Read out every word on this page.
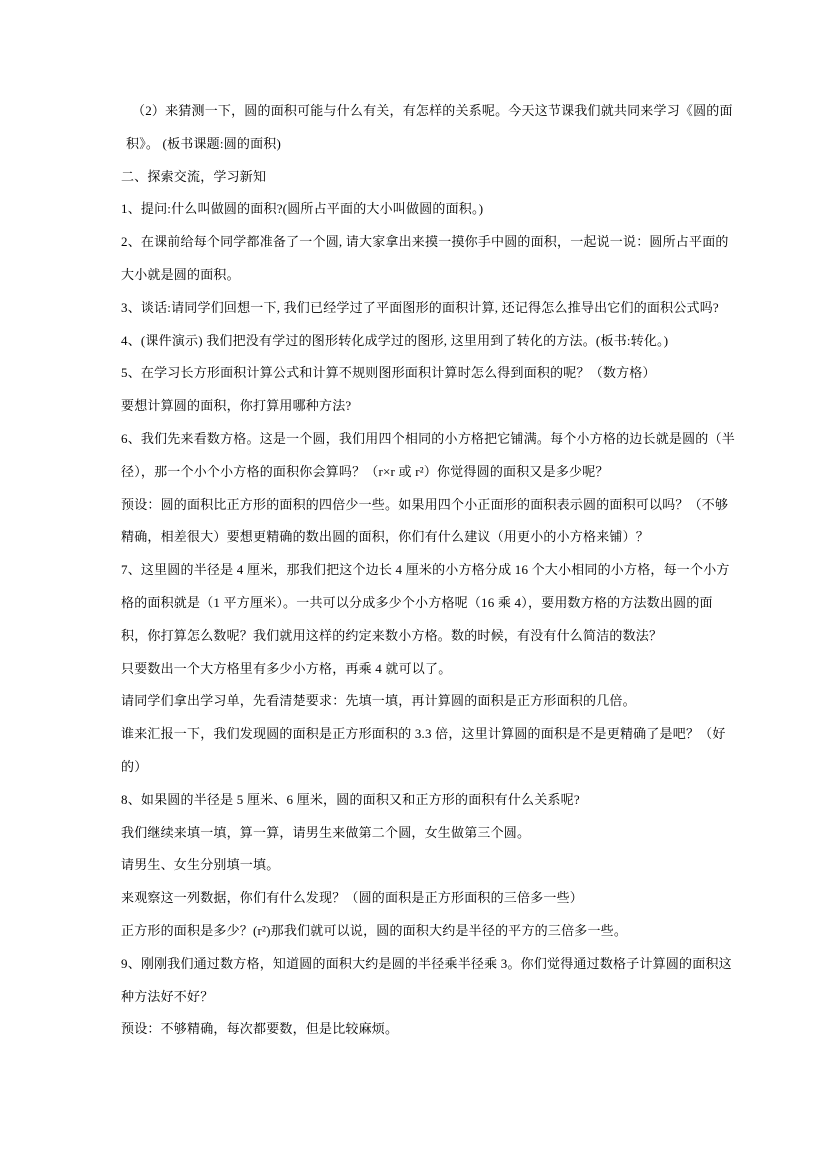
（2）来猜测一下，圆的面积可能与什么有关，有怎样的关系呢。今天这节课我们就共同来学习《圆的面
积》。 (板书课题:圆的面积)
二、探索交流，学习新知
1、提问:什么叫做圆的面积?(圆所占平面的大小叫做圆的面积。)
2、在课前给每个同学都准备了一个圆, 请大家拿出来摸一摸你手中圆的面积，一起说一说：圆所占平面的
大小就是圆的面积。
3、谈话:请同学们回想一下, 我们已经学过了平面图形的面积计算, 还记得怎么推导出它们的面积公式吗?
4、(课件演示) 我们把没有学过的图形转化成学过的图形, 这里用到了转化的方法。(板书:转化。)
5、在学习长方形面积计算公式和计算不规则图形面积计算时怎么得到面积的呢？（数方格）
要想计算圆的面积，你打算用哪种方法?
6、我们先来看数方格。这是一个圆，我们用四个相同的小方格把它铺满。每个小方格的边长就是圆的（半
径），那一个小个小方格的面积你会算吗？（r×r 或 r²）你觉得圆的面积又是多少呢？
预设：圆的面积比正方形的面积的四倍少一些。如果用四个小正面形的面积表示圆的面积可以吗？（不够
精确，相差很大）要想更精确的数出圆的面积，你们有什么建议（用更小的小方格来铺）？
7、这里圆的半径是 4 厘米，那我们把这个边长 4 厘米的小方格分成 16 个大小相同的小方格，每一个小方
格的面积就是（1 平方厘米）。一共可以分成多少个小方格呢（16 乘 4），要用数方格的方法数出圆的面
积，你打算怎么数呢？我们就用这样的约定来数小方格。数的时候，有没有什么简洁的数法？
只要数出一个大方格里有多少小方格，再乘 4 就可以了。
请同学们拿出学习单，先看清楚要求：先填一填，再计算圆的面积是正方形面积的几倍。
谁来汇报一下，我们发现圆的面积是正方形面积的 3.3 倍，这里计算圆的面积是不是更精确了是吧？（好
的）
8、如果圆的半径是 5 厘米、6 厘米，圆的面积又和正方形的面积有什么关系呢?
我们继续来填一填，算一算，请男生来做第二个圆，女生做第三个圆。
请男生、女生分别填一填。
来观察这一列数据，你们有什么发现？（圆的面积是正方形面积的三倍多一些）
正方形的面积是多少？(r²)那我们就可以说，圆的面积大约是半径的平方的三倍多一些。
9、刚刚我们通过数方格，知道圆的面积大约是圆的半径乘半径乘 3。你们觉得通过数格子计算圆的面积这
种方法好不好？
预设：不够精确，每次都要数，但是比较麻烦。
